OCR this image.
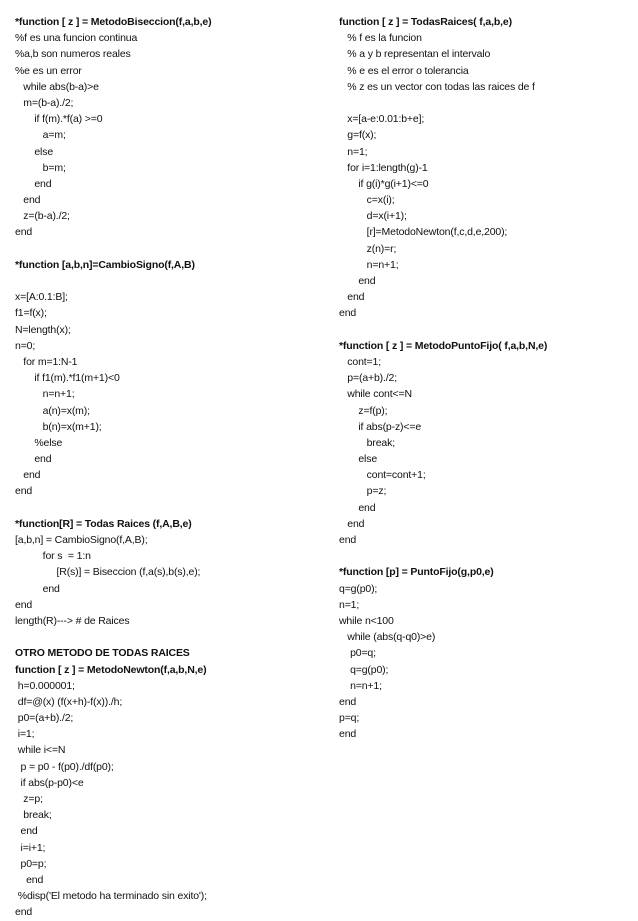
*function [ z ] = MetodoBiseccion(f,a,b,e)
%f es una funcion continua
%a,b son numeros reales
%e es un error
while abs(b-a)>e
m=(b-a)./2;
if f(m).*f(a) >=0
a=m;
else
b=m;
end
end
z=(b-a)./2;
end
*function [a,b,n]=CambioSigno(f,A,B)
x=[A:0.1:B];
f1=f(x);
N=length(x);
n=0;
for m=1:N-1
if f1(m).*f1(m+1)<0
n=n+1;
a(n)=x(m);
b(n)=x(m+1);
%else
end
end
end
*function[R] = Todas Raices (f,A,B,e)
[a,b,n] = CambioSigno(f,A,B);
for s  = 1:n
[R(s)] = Biseccion (f,a(s),b(s),e);
end
end
length(R)---> # de Raices
OTRO METODO DE TODAS RAICES
function [ z ] = MetodoNewton(f,a,b,N,e)
h=0.000001;
df=@(x) (f(x+h)-f(x))./h;
p0=(a+b)./2;
i=1;
while i<=N
p = p0 - f(p0)./df(p0);
if abs(p-p0)<e
z=p;
break;
end
i=i+1;
p0=p;
end
%disp('El metodo ha terminado sin exito');
end
function [ z ] = TodasRaices( f,a,b,e)
% f es la funcion
% a y b representan el intervalo
% e es el error o tolerancia
% z es un vector con todas las raices de f
x=[a-e:0.01:b+e];
g=f(x);
n=1;
for i=1:length(g)-1
if g(i)*g(i+1)<=0
c=x(i);
d=x(i+1);
[r]=MetodoNewton(f,c,d,e,200);
z(n)=r;
n=n+1;
end
end
end
*function [ z ] = MetodoPuntoFijo( f,a,b,N,e)
cont=1;
p=(a+b)./2;
while cont<=N
z=f(p);
if abs(p-z)<=e
break;
else
cont=cont+1;
p=z;
end
end
end
*function [p] = PuntoFijo(g,p0,e)
q=g(p0);
n=1;
while n<100
while (abs(q-q0)>e)
p0=q;
q=g(p0);
n=n+1;
end
p=q;
end
